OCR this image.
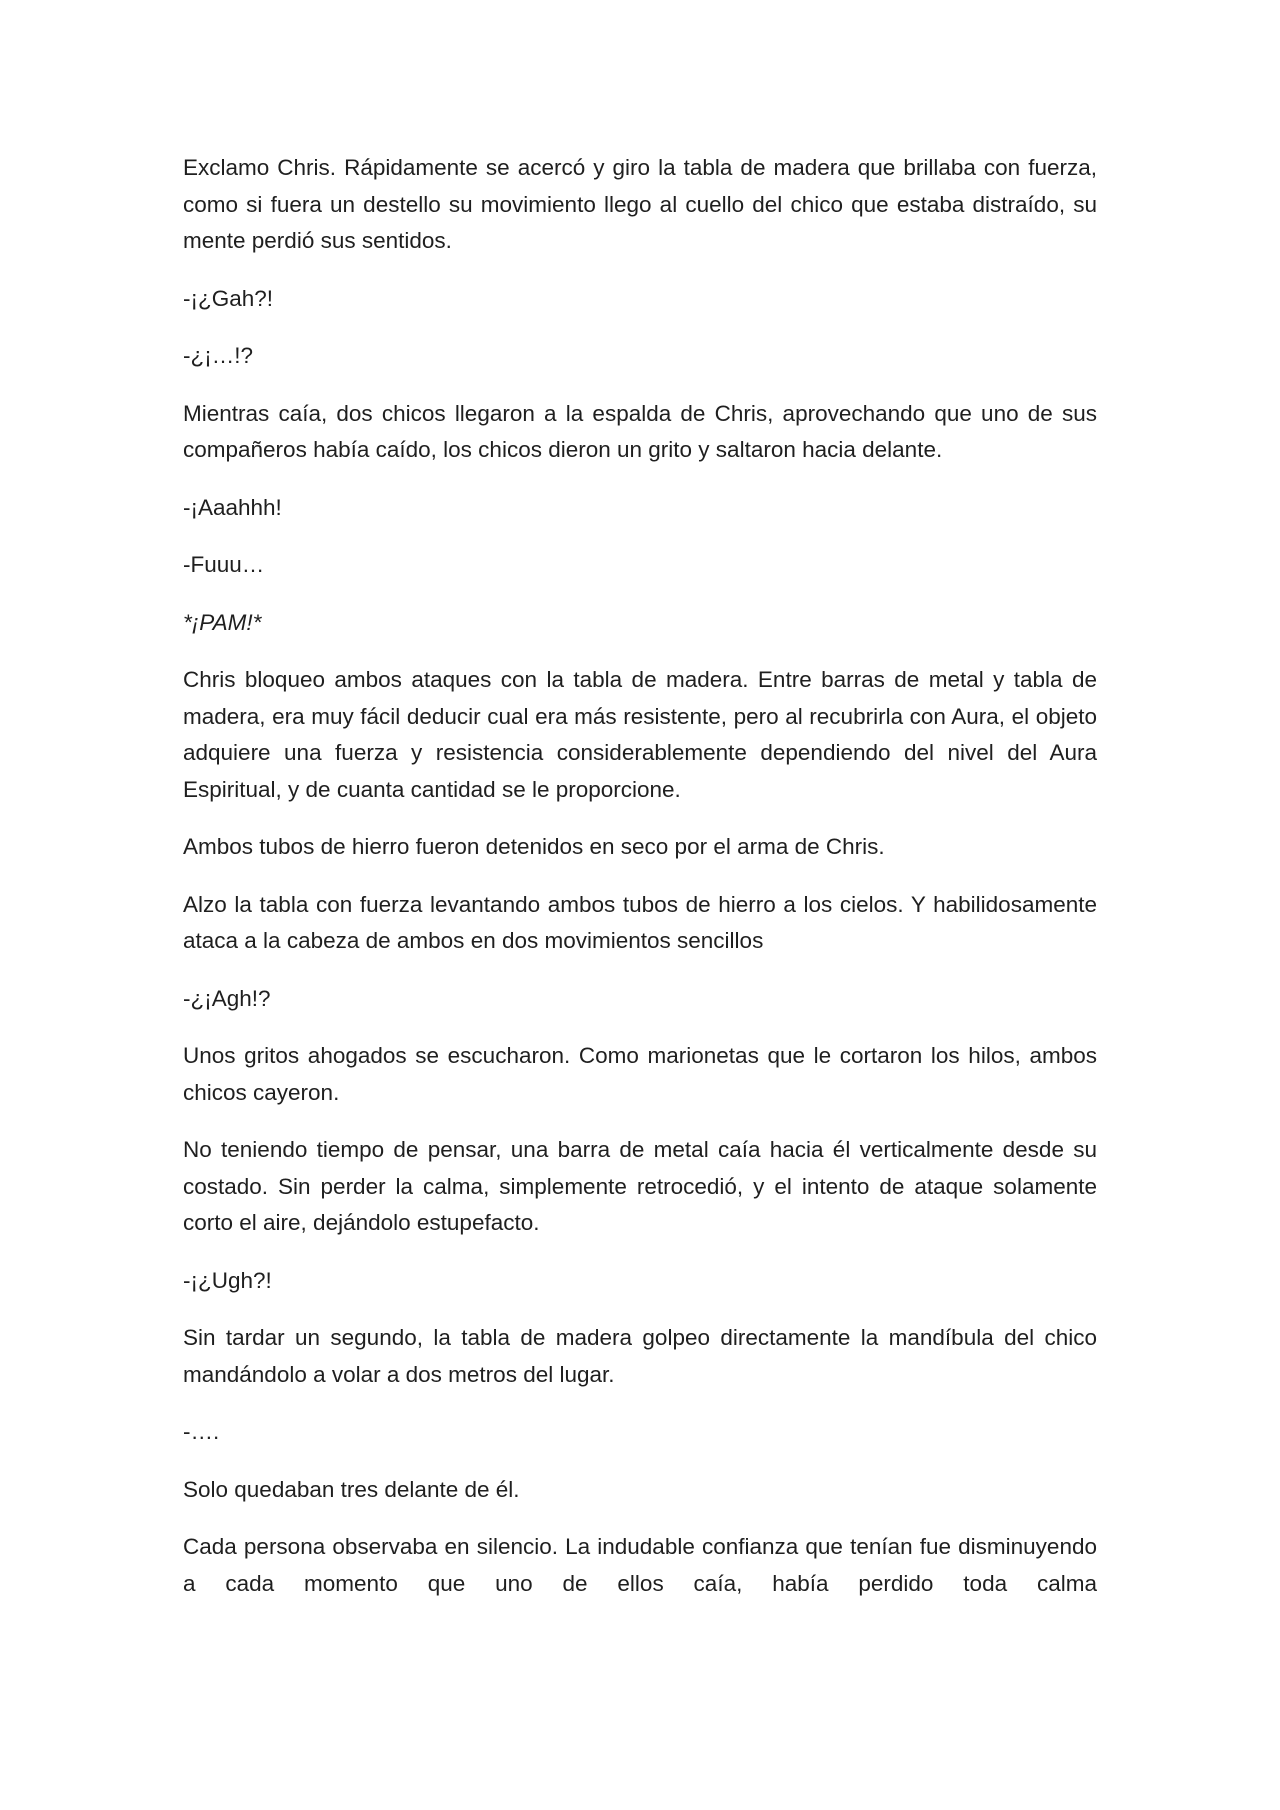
Exclamo Chris. Rápidamente se acercó y giro la tabla de madera que brillaba con fuerza, como si fuera un destello su movimiento llego al cuello del chico que estaba distraído, su mente perdió sus sentidos.

-¡¿Gah?!

-¿¡…!?

Mientras caía, dos chicos llegaron a la espalda de Chris, aprovechando que uno de sus compañeros había caído, los chicos dieron un grito y saltaron hacia delante.

-¡Aaahhh!

-Fuuu…

*¡PAM!*

Chris bloqueo ambos ataques con la tabla de madera. Entre barras de metal y tabla de madera, era muy fácil deducir cual era más resistente, pero al recubrirla con Aura, el objeto adquiere una fuerza y resistencia considerablemente dependiendo del nivel del Aura Espiritual, y de cuanta cantidad se le proporcione.

Ambos tubos de hierro fueron detenidos en seco por el arma de Chris.

Alzo la tabla con fuerza levantando ambos tubos de hierro a los cielos. Y habilidosamente ataca a la cabeza de ambos en dos movimientos sencillos

-¿¡Agh!?

Unos gritos ahogados se escucharon. Como marionetas que le cortaron los hilos, ambos chicos cayeron.

No teniendo tiempo de pensar, una barra de metal caía hacia él verticalmente desde su costado. Sin perder la calma, simplemente retrocedió, y el intento de ataque solamente corto el aire, dejándolo estupefacto.

-¡¿Ugh?!

Sin tardar un segundo, la tabla de madera golpeo directamente la mandíbula del chico mandándolo a volar a dos metros del lugar.

-….

Solo quedaban tres delante de él.

Cada persona observaba en silencio. La indudable confianza que tenían fue disminuyendo a cada momento que uno de ellos caía, había perdido toda calma
